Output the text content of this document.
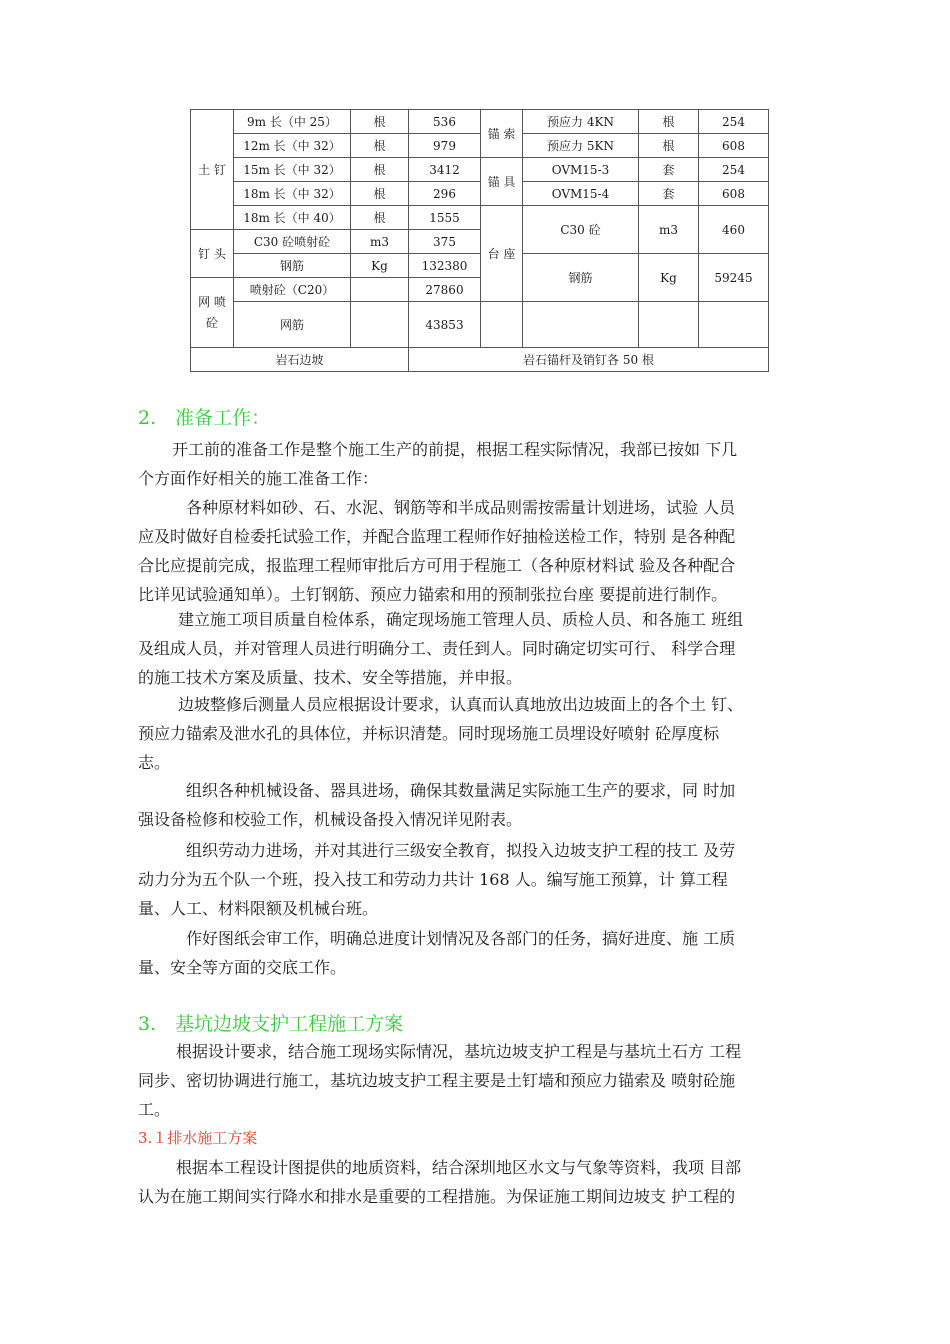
土 钉	9m 长（中 25）	根	536	锚 索	预应力 4KN	根	254
	12m 长（中 32）	根	979		预应力 5KN	根	608
	15m 长（中 32）	根	3412	锚 具	OVM15-3	套	254
	18m 长（中 32）	根	296		OVM15-4	套	608
	18m 长（中 40）	根	1555	台 座	C30 砼	m3	460
钉 头	C30 砼喷射砼	m3	375				
	钢筋	Kg	132380		钢筋	Kg	59245
网 喷 砼	喷射砼（C20）		27860				
	网筋		43853				
岩石边坡			岩石锚杆及销钉各 50 根				
2.　准备工作：
开工前的准备工作是整个施工生产的前提，根据工程实际情况，我部已按如 下几
个方面作好相关的施工准备工作：
各种原材料如砂、石、水泥、钢筋等和半成品则需按需量计划进场，试验 人员
应及时做好自检委托试验工作，并配合监理工程师作好抽检送检工作，特别 是各种配
合比应提前完成，报监理工程师审批后方可用于程施工（各种原材料试 验及各种配合
比详见试验通知单）。土钉钢筋、预应力锚索和用的预制张拉台座 要提前进行制作。
建立施工项目质量自检体系，确定现场施工管理人员、质检人员、和各施工 班组
及组成人员，并对管理人员进行明确分工、责任到人。同时确定切实可行、 科学合理
的施工技术方案及质量、技术、安全等措施，并申报。
边坡整修后测量人员应根据设计要求，认真而认真地放出边坡面上的各个土 钉、
预应力锚索及泄水孔的具体位，并标识清楚。同时现场施工员埋设好喷射 砼厚度标
志。
组织各种机械设备、器具进场，确保其数量满足实际施工生产的要求，同 时加
强设备检修和校验工作，机械设备投入情况详见附表。
组织劳动力进场，并对其进行三级安全教育，拟投入边坡支护工程的技工 及劳
动力分为五个队一个班，投入技工和劳动力共计 168 人。编写施工预算，计 算工程
量、人工、材料限额及机械台班。
作好图纸会审工作，明确总进度计划情况及各部门的任务，搞好进度、施 工质
量、安全等方面的交底工作。
3.　基坑边坡支护工程施工方案
根据设计要求，结合施工现场实际情况，基坑边坡支护工程是与基坑土石方 工程
同步、密切协调进行施工，基坑边坡支护工程主要是土钉墙和预应力锚索及 喷射砼施
工。
3.１排水施工方案
根据本工程设计图提供的地质资料，结合深圳地区水文与气象等资料，我项 目部
认为在施工期间实行降水和排水是重要的工程措施。为保证施工期间边坡支 护工程的
